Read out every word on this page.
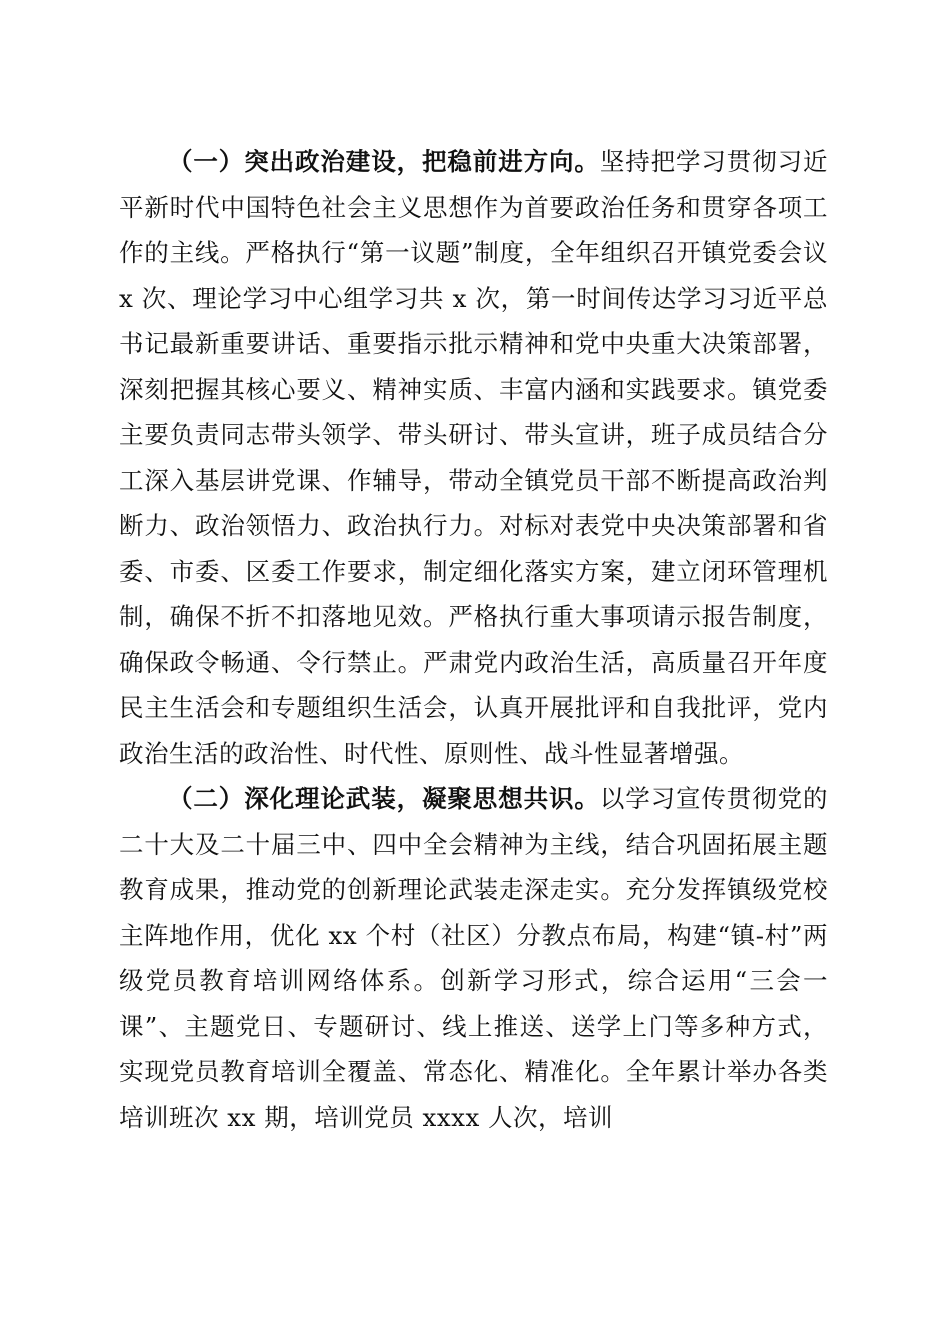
（一）突出政治建设，把稳前进方向。坚持把学习贯彻习近平新时代中国特色社会主义思想作为首要政治任务和贯穿各项工作的主线。严格执行“第一议题”制度，全年组织召开镇党委会议 x 次、理论学习中心组学习共 x 次，第一时间传达学习习近平总书记最新重要讲话、重要指示批示精神和党中央重大决策部署，深刻把握其核心要义、精神实质、丰富内涵和实践要求。镇党委主要负责同志带头领学、带头研讨、带头宣讲，班子成员结合分工深入基层讲党课、作辅导，带动全镇党员干部不断提高政治判断力、政治领悟力、政治执行力。对标对表党中央决策部署和省委、市委、区委工作要求，制定细化落实方案，建立闭环管理机制，确保不折不扣落地见效。严格执行重大事项请示报告制度，确保政令畅通、令行禁止。严肃党内政治生活，高质量召开年度民主生活会和专题组织生活会，认真开展批评和自我批评，党内政治生活的政治性、时代性、原则性、战斗性显著增强。

（二）深化理论武装，凝聚思想共识。以学习宣传贯彻党的二十大及二十届三中、四中全会精神为主线，结合巩固拓展主题教育成果，推动党的创新理论武装走深走实。充分发挥镇级党校主阵地作用，优化 xx 个村（社区）分教点布局，构建“镇-村”两级党员教育培训网络体系。创新学习形式，综合运用“三会一课”、主题党日、专题研讨、线上推送、送学上门等多种方式，实现党员教育培训全覆盖、常态化、精准化。全年累计举办各类培训班次 xx 期，培训党员 xxxx 人次，培训
